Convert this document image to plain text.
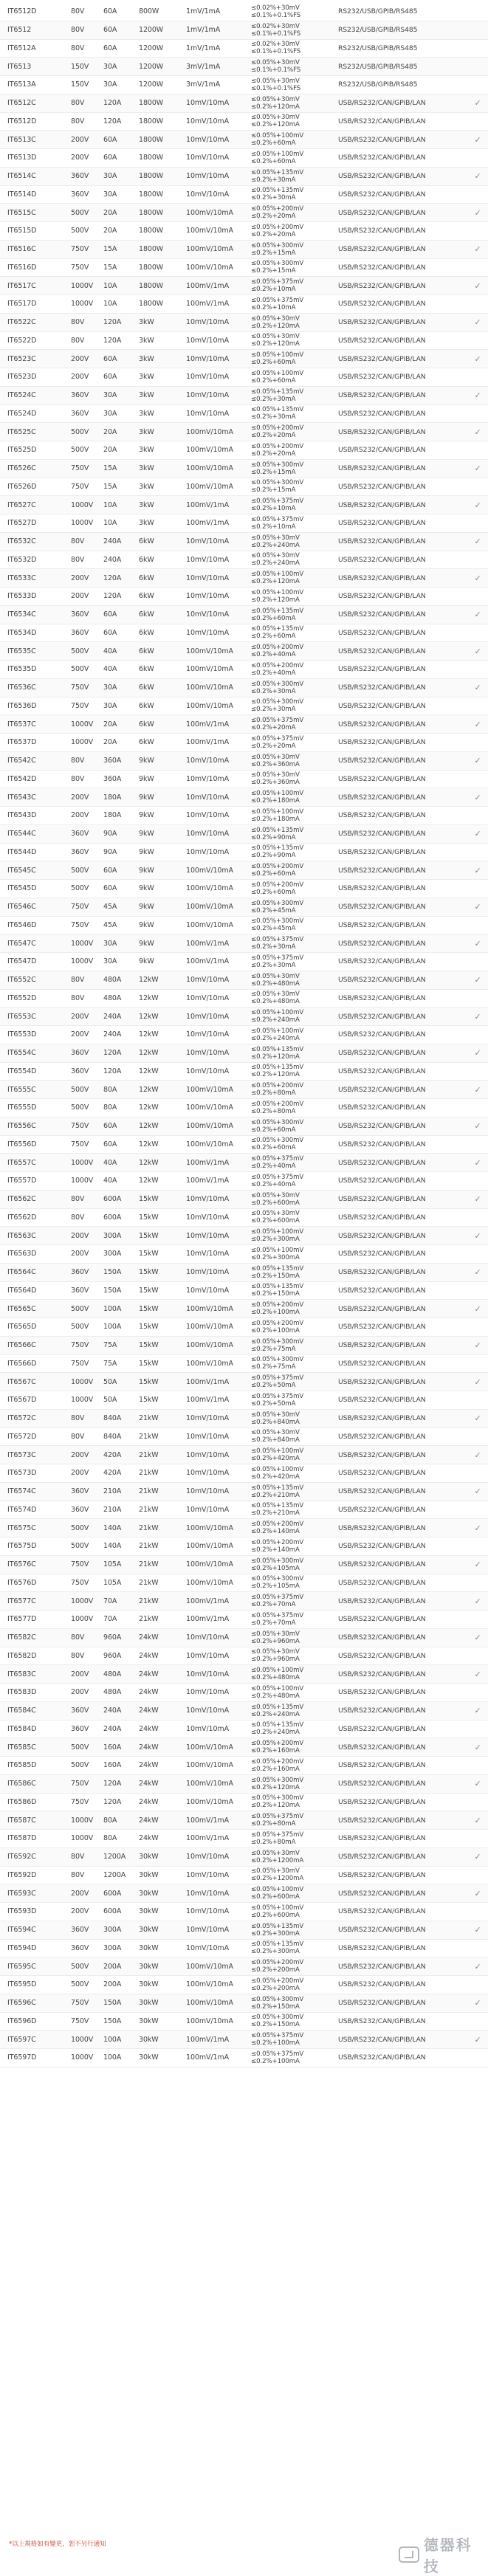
IT6512D	80V	60A	800W	1mV/1mA	≤0.02%+30mV
≤0.1%+0.1%FS	RS232/USB/GPIB/RS485
IT6512	80V	60A	1200W	1mV/1mA	≤0.02%+30mV
≤0.1%+0.1%FS	RS232/USB/GPIB/RS485
IT6512A	80V	60A	1200W	1mV/1mA	≤0.02%+30mV
≤0.1%+0.1%FS	RS232/USB/GPIB/RS485
IT6513	150V	30A	1200W	3mV/1mA	≤0.05%+30mV
≤0.1%+0.1%FS	RS232/USB/GPIB/RS485
IT6513A	150V	30A	1200W	3mV/1mA	≤0.05%+30mV
≤0.1%+0.1%FS	RS232/USB/GPIB/RS485
IT6512C	80V	120A	1800W	10mV/10mA	≤0.05%+30mV
≤0.2%+120mA	USB/RS232/CAN/GPIB/LAN	✓
IT6512D	80V	120A	1800W	10mV/10mA	≤0.05%+30mV
≤0.2%+120mA	USB/RS232/CAN/GPIB/LAN
IT6513C	200V	60A	1800W	10mV/10mA	≤0.05%+100mV
≤0.2%+60mA	USB/RS232/CAN/GPIB/LAN	✓
IT6513D	200V	60A	1800W	10mV/10mA	≤0.05%+100mV
≤0.2%+60mA	USB/RS232/CAN/GPIB/LAN
IT6514C	360V	30A	1800W	10mV/10mA	≤0.05%+135mV
≤0.2%+30mA	USB/RS232/CAN/GPIB/LAN	✓
IT6514D	360V	30A	1800W	10mV/10mA	≤0.05%+135mV
≤0.2%+30mA	USB/RS232/CAN/GPIB/LAN
IT6515C	500V	20A	1800W	100mV/10mA	≤0.05%+200mV
≤0.2%+20mA	USB/RS232/CAN/GPIB/LAN	✓
IT6515D	500V	20A	1800W	100mV/10mA	≤0.05%+200mV
≤0.2%+20mA	USB/RS232/CAN/GPIB/LAN
IT6516C	750V	15A	1800W	100mV/10mA	≤0.05%+300mV
≤0.2%+15mA	USB/RS232/CAN/GPIB/LAN	✓
IT6516D	750V	15A	1800W	100mV/10mA	≤0.05%+300mV
≤0.2%+15mA	USB/RS232/CAN/GPIB/LAN
IT6517C	1000V	10A	1800W	100mV/1mA	≤0.05%+375mV
≤0.2%+10mA	USB/RS232/CAN/GPIB/LAN	✓
IT6517D	1000V	10A	1800W	100mV/1mA	≤0.05%+375mV
≤0.2%+10mA	USB/RS232/CAN/GPIB/LAN
IT6522C	80V	120A	3kW	10mV/10mA	≤0.05%+30mV
≤0.2%+120mA	USB/RS232/CAN/GPIB/LAN	✓
IT6522D	80V	120A	3kW	10mV/10mA	≤0.05%+30mV
≤0.2%+120mA	USB/RS232/CAN/GPIB/LAN
IT6523C	200V	60A	3kW	10mV/10mA	≤0.05%+100mV
≤0.2%+60mA	USB/RS232/CAN/GPIB/LAN	✓
IT6523D	200V	60A	3kW	10mV/10mA	≤0.05%+100mV
≤0.2%+60mA	USB/RS232/CAN/GPIB/LAN
IT6524C	360V	30A	3kW	10mV/10mA	≤0.05%+135mV
≤0.2%+30mA	USB/RS232/CAN/GPIB/LAN	✓
IT6524D	360V	30A	3kW	10mV/10mA	≤0.05%+135mV
≤0.2%+30mA	USB/RS232/CAN/GPIB/LAN
IT6525C	500V	20A	3kW	100mV/10mA	≤0.05%+200mV
≤0.2%+20mA	USB/RS232/CAN/GPIB/LAN	✓
IT6525D	500V	20A	3kW	100mV/10mA	≤0.05%+200mV
≤0.2%+20mA	USB/RS232/CAN/GPIB/LAN
IT6526C	750V	15A	3kW	100mV/10mA	≤0.05%+300mV
≤0.2%+15mA	USB/RS232/CAN/GPIB/LAN	✓
IT6526D	750V	15A	3kW	100mV/10mA	≤0.05%+300mV
≤0.2%+15mA	USB/RS232/CAN/GPIB/LAN
IT6527C	1000V	10A	3kW	100mV/1mA	≤0.05%+375mV
≤0.2%+10mA	USB/RS232/CAN/GPIB/LAN	✓
IT6527D	1000V	10A	3kW	100mV/1mA	≤0.05%+375mV
≤0.2%+10mA	USB/RS232/CAN/GPIB/LAN
IT6532C	80V	240A	6kW	10mV/10mA	≤0.05%+30mV
≤0.2%+240mA	USB/RS232/CAN/GPIB/LAN	✓
IT6532D	80V	240A	6kW	10mV/10mA	≤0.05%+30mV
≤0.2%+240mA	USB/RS232/CAN/GPIB/LAN
IT6533C	200V	120A	6kW	10mV/10mA	≤0.05%+100mV
≤0.2%+120mA	USB/RS232/CAN/GPIB/LAN	✓
IT6533D	200V	120A	6kW	10mV/10mA	≤0.05%+100mV
≤0.2%+120mA	USB/RS232/CAN/GPIB/LAN
IT6534C	360V	60A	6kW	10mV/10mA	≤0.05%+135mV
≤0.2%+60mA	USB/RS232/CAN/GPIB/LAN	✓
IT6534D	360V	60A	6kW	10mV/10mA	≤0.05%+135mV
≤0.2%+60mA	USB/RS232/CAN/GPIB/LAN
IT6535C	500V	40A	6kW	100mV/10mA	≤0.05%+200mV
≤0.2%+40mA	USB/RS232/CAN/GPIB/LAN	✓
IT6535D	500V	40A	6kW	100mV/10mA	≤0.05%+200mV
≤0.2%+40mA	USB/RS232/CAN/GPIB/LAN
IT6536C	750V	30A	6kW	100mV/10mA	≤0.05%+300mV
≤0.2%+30mA	USB/RS232/CAN/GPIB/LAN	✓
IT6536D	750V	30A	6kW	100mV/10mA	≤0.05%+300mV
≤0.2%+30mA	USB/RS232/CAN/GPIB/LAN
IT6537C	1000V	20A	6kW	100mV/1mA	≤0.05%+375mV
≤0.2%+20mA	USB/RS232/CAN/GPIB/LAN	✓
IT6537D	1000V	20A	6kW	100mV/1mA	≤0.05%+375mV
≤0.2%+20mA	USB/RS232/CAN/GPIB/LAN
IT6542C	80V	360A	9kW	10mV/10mA	≤0.05%+30mV
≤0.2%+360mA	USB/RS232/CAN/GPIB/LAN	✓
IT6542D	80V	360A	9kW	10mV/10mA	≤0.05%+30mV
≤0.2%+360mA	USB/RS232/CAN/GPIB/LAN
IT6543C	200V	180A	9kW	10mV/10mA	≤0.05%+100mV
≤0.2%+180mA	USB/RS232/CAN/GPIB/LAN	✓
IT6543D	200V	180A	9kW	10mV/10mA	≤0.05%+100mV
≤0.2%+180mA	USB/RS232/CAN/GPIB/LAN
IT6544C	360V	90A	9kW	10mV/10mA	≤0.05%+135mV
≤0.2%+90mA	USB/RS232/CAN/GPIB/LAN	✓
IT6544D	360V	90A	9kW	10mV/10mA	≤0.05%+135mV
≤0.2%+90mA	USB/RS232/CAN/GPIB/LAN
IT6545C	500V	60A	9kW	100mV/10mA	≤0.05%+200mV
≤0.2%+60mA	USB/RS232/CAN/GPIB/LAN	✓
IT6545D	500V	60A	9kW	100mV/10mA	≤0.05%+200mV
≤0.2%+60mA	USB/RS232/CAN/GPIB/LAN
IT6546C	750V	45A	9kW	100mV/10mA	≤0.05%+300mV
≤0.2%+45mA	USB/RS232/CAN/GPIB/LAN	✓
IT6546D	750V	45A	9kW	100mV/10mA	≤0.05%+300mV
≤0.2%+45mA	USB/RS232/CAN/GPIB/LAN
IT6547C	1000V	30A	9kW	100mV/1mA	≤0.05%+375mV
≤0.2%+30mA	USB/RS232/CAN/GPIB/LAN	✓
IT6547D	1000V	30A	9kW	100mV/1mA	≤0.05%+375mV
≤0.2%+30mA	USB/RS232/CAN/GPIB/LAN
IT6552C	80V	480A	12kW	10mV/10mA	≤0.05%+30mV
≤0.2%+480mA	USB/RS232/CAN/GPIB/LAN	✓
IT6552D	80V	480A	12kW	10mV/10mA	≤0.05%+30mV
≤0.2%+480mA	USB/RS232/CAN/GPIB/LAN
IT6553C	200V	240A	12kW	10mV/10mA	≤0.05%+100mV
≤0.2%+240mA	USB/RS232/CAN/GPIB/LAN	✓
IT6553D	200V	240A	12kW	10mV/10mA	≤0.05%+100mV
≤0.2%+240mA	USB/RS232/CAN/GPIB/LAN
IT6554C	360V	120A	12kW	10mV/10mA	≤0.05%+135mV
≤0.2%+120mA	USB/RS232/CAN/GPIB/LAN	✓
IT6554D	360V	120A	12kW	10mV/10mA	≤0.05%+135mV
≤0.2%+120mA	USB/RS232/CAN/GPIB/LAN
IT6555C	500V	80A	12kW	100mV/10mA	≤0.05%+200mV
≤0.2%+80mA	USB/RS232/CAN/GPIB/LAN	✓
IT6555D	500V	80A	12kW	100mV/10mA	≤0.05%+200mV
≤0.2%+80mA	USB/RS232/CAN/GPIB/LAN
IT6556C	750V	60A	12kW	100mV/10mA	≤0.05%+300mV
≤0.2%+60mA	USB/RS232/CAN/GPIB/LAN	✓
IT6556D	750V	60A	12kW	100mV/10mA	≤0.05%+300mV
≤0.2%+60mA	USB/RS232/CAN/GPIB/LAN
IT6557C	1000V	40A	12kW	100mV/1mA	≤0.05%+375mV
≤0.2%+40mA	USB/RS232/CAN/GPIB/LAN	✓
IT6557D	1000V	40A	12kW	100mV/1mA	≤0.05%+375mV
≤0.2%+40mA	USB/RS232/CAN/GPIB/LAN
IT6562C	80V	600A	15kW	10mV/10mA	≤0.05%+30mV
≤0.2%+600mA	USB/RS232/CAN/GPIB/LAN	✓
IT6562D	80V	600A	15kW	10mV/10mA	≤0.05%+30mV
≤0.2%+600mA	USB/RS232/CAN/GPIB/LAN
IT6563C	200V	300A	15kW	10mV/10mA	≤0.05%+100mV
≤0.2%+300mA	USB/RS232/CAN/GPIB/LAN	✓
IT6563D	200V	300A	15kW	10mV/10mA	≤0.05%+100mV
≤0.2%+300mA	USB/RS232/CAN/GPIB/LAN
IT6564C	360V	150A	15kW	10mV/10mA	≤0.05%+135mV
≤0.2%+150mA	USB/RS232/CAN/GPIB/LAN	✓
IT6564D	360V	150A	15kW	10mV/10mA	≤0.05%+135mV
≤0.2%+150mA	USB/RS232/CAN/GPIB/LAN
IT6565C	500V	100A	15kW	100mV/10mA	≤0.05%+200mV
≤0.2%+100mA	USB/RS232/CAN/GPIB/LAN	✓
IT6565D	500V	100A	15kW	100mV/10mA	≤0.05%+200mV
≤0.2%+100mA	USB/RS232/CAN/GPIB/LAN
IT6566C	750V	75A	15kW	100mV/10mA	≤0.05%+300mV
≤0.2%+75mA	USB/RS232/CAN/GPIB/LAN	✓
IT6566D	750V	75A	15kW	100mV/10mA	≤0.05%+300mV
≤0.2%+75mA	USB/RS232/CAN/GPIB/LAN
IT6567C	1000V	50A	15kW	100mV/1mA	≤0.05%+375mV
≤0.2%+50mA	USB/RS232/CAN/GPIB/LAN	✓
IT6567D	1000V	50A	15kW	100mV/1mA	≤0.05%+375mV
≤0.2%+50mA	USB/RS232/CAN/GPIB/LAN
IT6572C	80V	840A	21kW	10mV/10mA	≤0.05%+30mV
≤0.2%+840mA	USB/RS232/CAN/GPIB/LAN	✓
IT6572D	80V	840A	21kW	10mV/10mA	≤0.05%+30mV
≤0.2%+840mA	USB/RS232/CAN/GPIB/LAN
IT6573C	200V	420A	21kW	10mV/10mA	≤0.05%+100mV
≤0.2%+420mA	USB/RS232/CAN/GPIB/LAN	✓
IT6573D	200V	420A	21kW	10mV/10mA	≤0.05%+100mV
≤0.2%+420mA	USB/RS232/CAN/GPIB/LAN
IT6574C	360V	210A	21kW	10mV/10mA	≤0.05%+135mV
≤0.2%+210mA	USB/RS232/CAN/GPIB/LAN	✓
IT6574D	360V	210A	21kW	10mV/10mA	≤0.05%+135mV
≤0.2%+210mA	USB/RS232/CAN/GPIB/LAN
IT6575C	500V	140A	21kW	100mV/10mA	≤0.05%+200mV
≤0.2%+140mA	USB/RS232/CAN/GPIB/LAN	✓
IT6575D	500V	140A	21kW	100mV/10mA	≤0.05%+200mV
≤0.2%+140mA	USB/RS232/CAN/GPIB/LAN
IT6576C	750V	105A	21kW	100mV/10mA	≤0.05%+300mV
≤0.2%+105mA	USB/RS232/CAN/GPIB/LAN	✓
IT6576D	750V	105A	21kW	100mV/10mA	≤0.05%+300mV
≤0.2%+105mA	USB/RS232/CAN/GPIB/LAN
IT6577C	1000V	70A	21kW	100mV/1mA	≤0.05%+375mV
≤0.2%+70mA	USB/RS232/CAN/GPIB/LAN	✓
IT6577D	1000V	70A	21kW	100mV/1mA	≤0.05%+375mV
≤0.2%+70mA	USB/RS232/CAN/GPIB/LAN
IT6582C	80V	960A	24kW	10mV/10mA	≤0.05%+30mV
≤0.2%+960mA	USB/RS232/CAN/GPIB/LAN	✓
IT6582D	80V	960A	24kW	10mV/10mA	≤0.05%+30mV
≤0.2%+960mA	USB/RS232/CAN/GPIB/LAN
IT6583C	200V	480A	24kW	10mV/10mA	≤0.05%+100mV
≤0.2%+480mA	USB/RS232/CAN/GPIB/LAN	✓
IT6583D	200V	480A	24kW	10mV/10mA	≤0.05%+100mV
≤0.2%+480mA	USB/RS232/CAN/GPIB/LAN
IT6584C	360V	240A	24kW	10mV/10mA	≤0.05%+135mV
≤0.2%+240mA	USB/RS232/CAN/GPIB/LAN	✓
IT6584D	360V	240A	24kW	10mV/10mA	≤0.05%+135mV
≤0.2%+240mA	USB/RS232/CAN/GPIB/LAN
IT6585C	500V	160A	24kW	100mV/10mA	≤0.05%+200mV
≤0.2%+160mA	USB/RS232/CAN/GPIB/LAN	✓
IT6585D	500V	160A	24kW	100mV/10mA	≤0.05%+200mV
≤0.2%+160mA	USB/RS232/CAN/GPIB/LAN
IT6586C	750V	120A	24kW	100mV/10mA	≤0.05%+300mV
≤0.2%+120mA	USB/RS232/CAN/GPIB/LAN	✓
IT6586D	750V	120A	24kW	100mV/10mA	≤0.05%+300mV
≤0.2%+120mA	USB/RS232/CAN/GPIB/LAN
IT6587C	1000V	80A	24kW	100mV/1mA	≤0.05%+375mV
≤0.2%+80mA	USB/RS232/CAN/GPIB/LAN	✓
IT6587D	1000V	80A	24kW	100mV/1mA	≤0.05%+375mV
≤0.2%+80mA	USB/RS232/CAN/GPIB/LAN
IT6592C	80V	1200A	30kW	10mV/10mA	≤0.05%+30mV
≤0.2%+1200mA	USB/RS232/CAN/GPIB/LAN	✓
IT6592D	80V	1200A	30kW	10mV/10mA	≤0.05%+30mV
≤0.2%+1200mA	USB/RS232/CAN/GPIB/LAN
IT6593C	200V	600A	30kW	10mV/10mA	≤0.05%+100mV
≤0.2%+600mA	USB/RS232/CAN/GPIB/LAN	✓
IT6593D	200V	600A	30kW	10mV/10mA	≤0.05%+100mV
≤0.2%+600mA	USB/RS232/CAN/GPIB/LAN
IT6594C	360V	300A	30kW	10mV/10mA	≤0.05%+135mV
≤0.2%+300mA	USB/RS232/CAN/GPIB/LAN	✓
IT6594D	360V	300A	30kW	10mV/10mA	≤0.05%+135mV
≤0.2%+300mA	USB/RS232/CAN/GPIB/LAN
IT6595C	500V	200A	30kW	100mV/10mA	≤0.05%+200mV
≤0.2%+200mA	USB/RS232/CAN/GPIB/LAN	✓
IT6595D	500V	200A	30kW	100mV/10mA	≤0.05%+200mV
≤0.2%+200mA	USB/RS232/CAN/GPIB/LAN
IT6596C	750V	150A	30kW	100mV/10mA	≤0.05%+300mV
≤0.2%+150mA	USB/RS232/CAN/GPIB/LAN	✓
IT6596D	750V	150A	30kW	100mV/10mA	≤0.05%+300mV
≤0.2%+150mA	USB/RS232/CAN/GPIB/LAN
IT6597C	1000V	100A	30kW	100mV/1mA	≤0.05%+375mV
≤0.2%+100mA	USB/RS232/CAN/GPIB/LAN	✓
IT6597D	1000V	100A	30kW	100mV/1mA	≤0.05%+375mV
≤0.2%+100mA	USB/RS232/CAN/GPIB/LAN
*以上規格如有變更，恕不另行通知	德器科技
